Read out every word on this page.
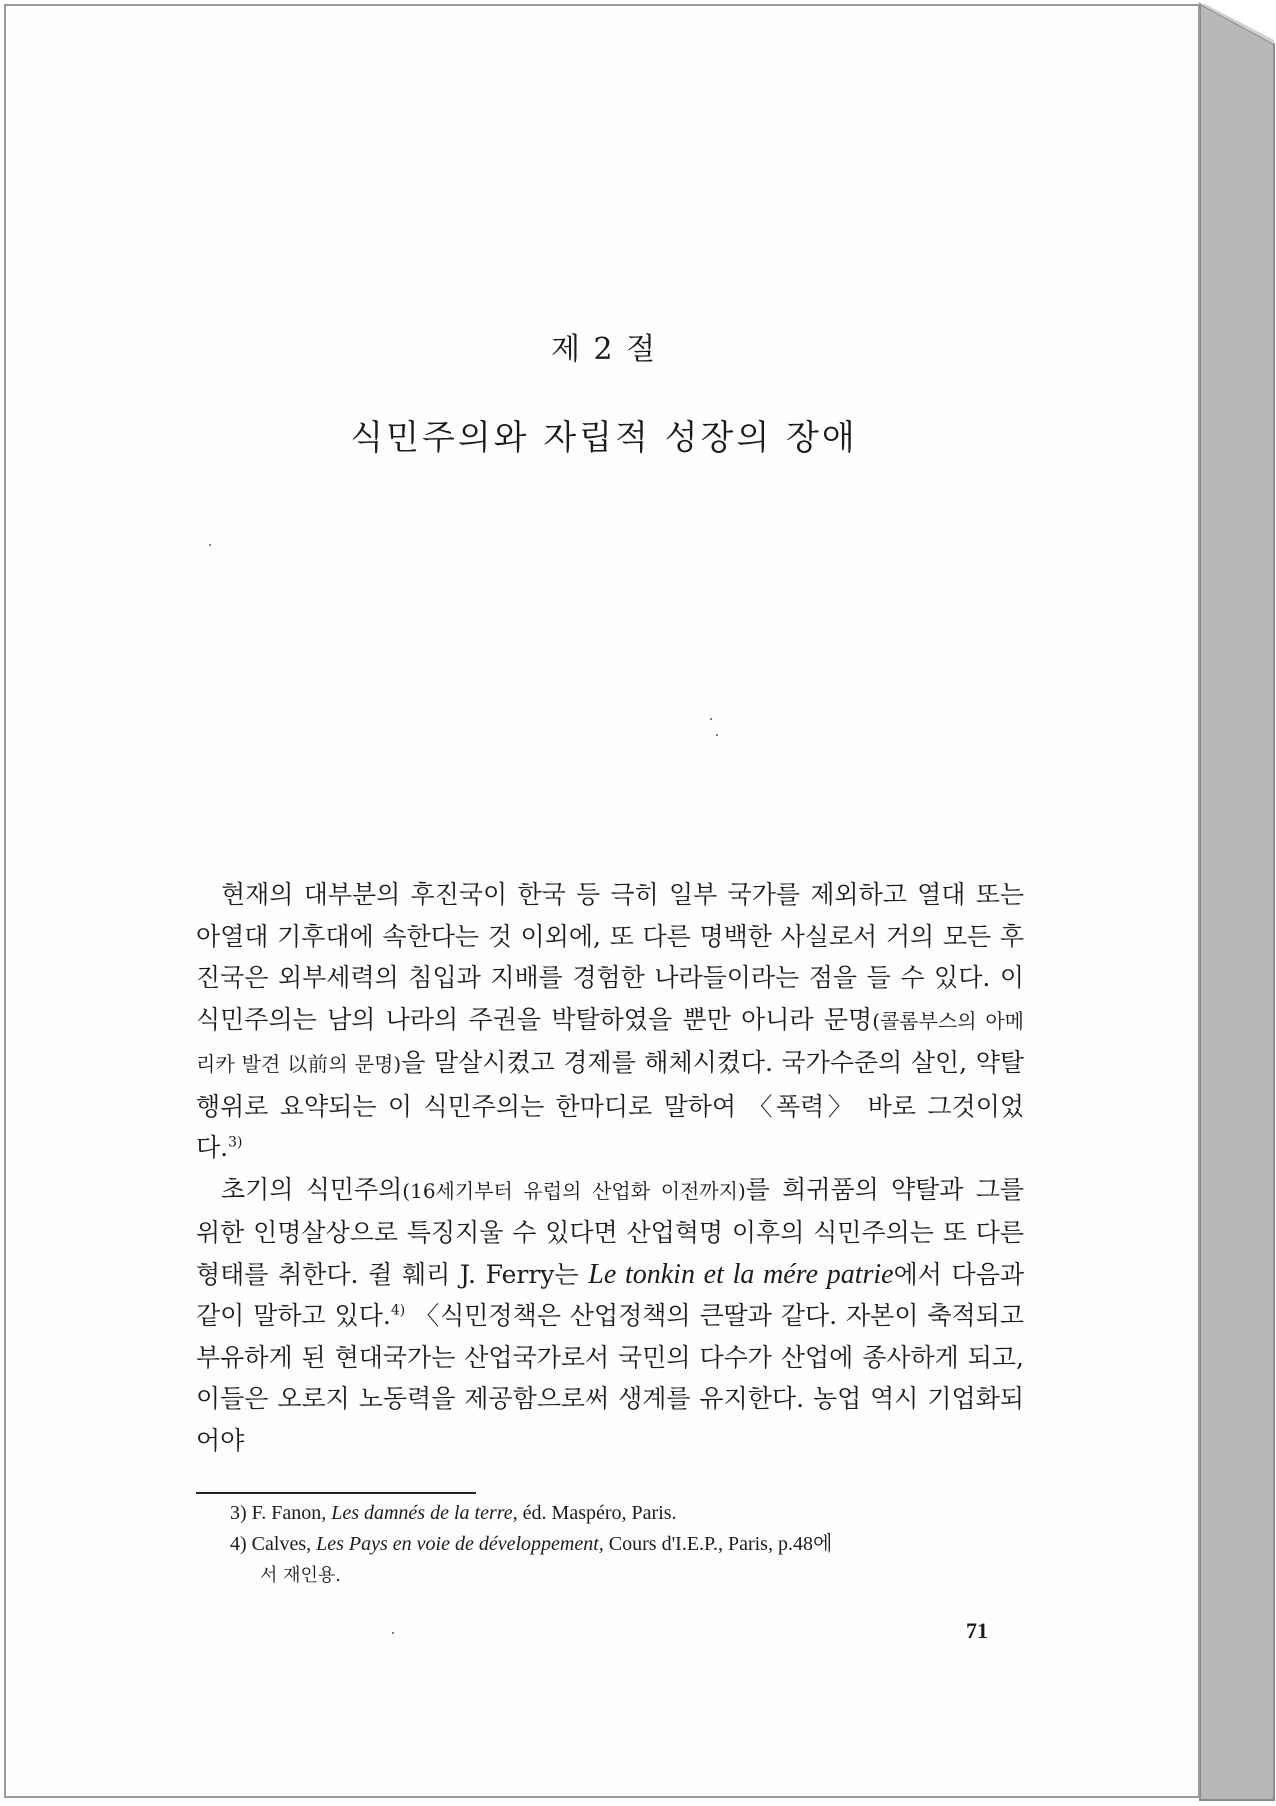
제 2 절
식민주의와 자립적 성장의 장애

현재의 대부분의 후진국이 한국 등 극히 일부 국가를 제외하고 열대 또는 아열대 기후대에 속한다는 것 이외에, 또 다른 명백한 사실로서 거의 모든 후진국은 외부세력의 침입과 지배를 경험한 나라들이라는 점을 들 수 있다. 이 식민주의는 남의 나라의 주권을 박탈하였을 뿐만 아니라 문명(콜롬부스의 아메리카 발견 以前의 문명)을 말살시켰고 경제를 해체시켰다. 국가수준의 살인, 약탈행위로 요약되는 이 식민주의는 한마디로 말하여 〈폭력〉 바로 그것이었다.$^{3)}$

초기의 식민주의(16세기부터 유럽의 산업화 이전까지)를 희귀품의 약탈과 그를 위한 인명살상으로 특징지울 수 있다면 산업혁명 이후의 식민주의는 또 다른 형태를 취한다. 쥘 훼리 J. Ferry는 Le tonkin et la mére patrie에서 다음과 같이 말하고 있다.$^{4)}$ 〈식민정책은 산업정책의 큰딸과 같다. 자본이 축적되고 부유하게 된 현대국가는 산업국가로서 국민의 다수가 산업에 종사하게 되고, 이들은 오로지 노동력을 제공함으로써 생계를 유지한다. 농업 역시 기업화되어야

3) F. Fanon, Les damnés de la terre, éd. Maspéro, Paris.
4) Calves, Les Pays en voie de développement, Cours d'I.E.P., Paris, p.48에
서 재인용.
71
